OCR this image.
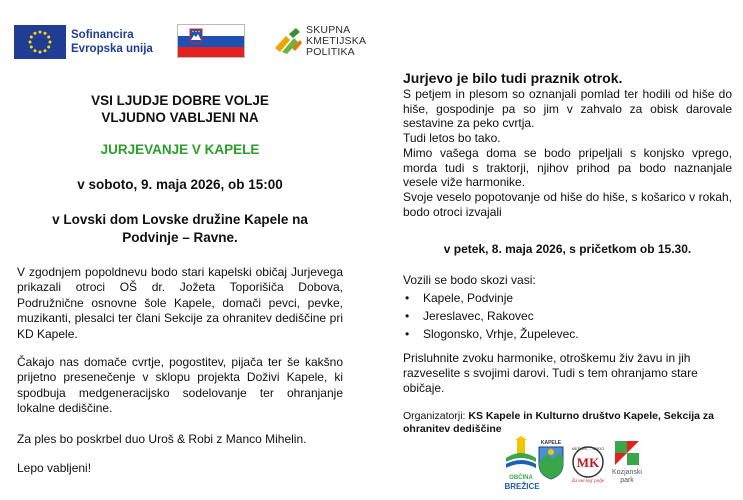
Sofinancira
Evropska unija
SKUPNA
KMETIJSKA
POLITIKA
VSI LJUDJE DOBRE VOLJE
VLJUDNO VABLJENI NA
JURJEVANJE V KAPELE
v soboto, 9. maja 2026, ob 15:00
v Lovski dom Lovske družine Kapele na
Podvinje – Ravne.
V zgodnjem popoldnevu bodo stari kapelski običaj Jurjevega prikazali otroci OŠ dr. Jožeta Toporišiča Dobova, Podružnične osnovne šole Kapele, domači pevci, pevke, muzikanti, plesalci ter člani Sekcije za ohranitev dediščine pri KD Kapele.
Čakajo nas domače cvrtje, pogostitev, pijača ter še kakšno prijetno presenečenje v sklopu projekta Doživi Kapele, ki spodbuja medgeneracijsko sodelovanje ter ohranjanje lokalne dediščine.
Za ples bo poskrbel duo Uroš & Robi z Manco Mihelin.
Lepo vabljeni!
Jurjevo je bilo tudi praznik otrok.
S petjem in plesom so oznanjali pomlad ter hodili od hiše do hiše, gospodinje pa so jim v zahvalo za obisk darovale sestavine za peko cvrtja.
Tudi letos bo tako.
Mimo vašega doma se bodo pripeljali s konjsko vprego, morda tudi s traktorji, njihov prihod pa bodo naznanjale vesele viže harmonike.
Svoje veselo popotovanje od hiše do hiše, s košarico v rokah, bodo otroci izvajali
v petek, 8. maja 2026, s pričetkom ob 15.30.
Vozili se bodo skozi vasi:
• Kapele, Podvinje
• Jereslavec, Rakovec
• Slogonsko, Vrhje, Župelevec.
Prisluhnite zvoku harmonike, otroškemu živ žavu in jih razveselite s svojimi darovi. Tudi s tem ohranjamo stare običaje.
Organizatorji: KS Kapele in Kulturno društvo Kapele, Sekcija za ohranitev dediščine
OBČINA
BREŽICE
KAPELE
MEŠANI ... KROG
MK
Za vse leg' polje
Kozjanski
park
